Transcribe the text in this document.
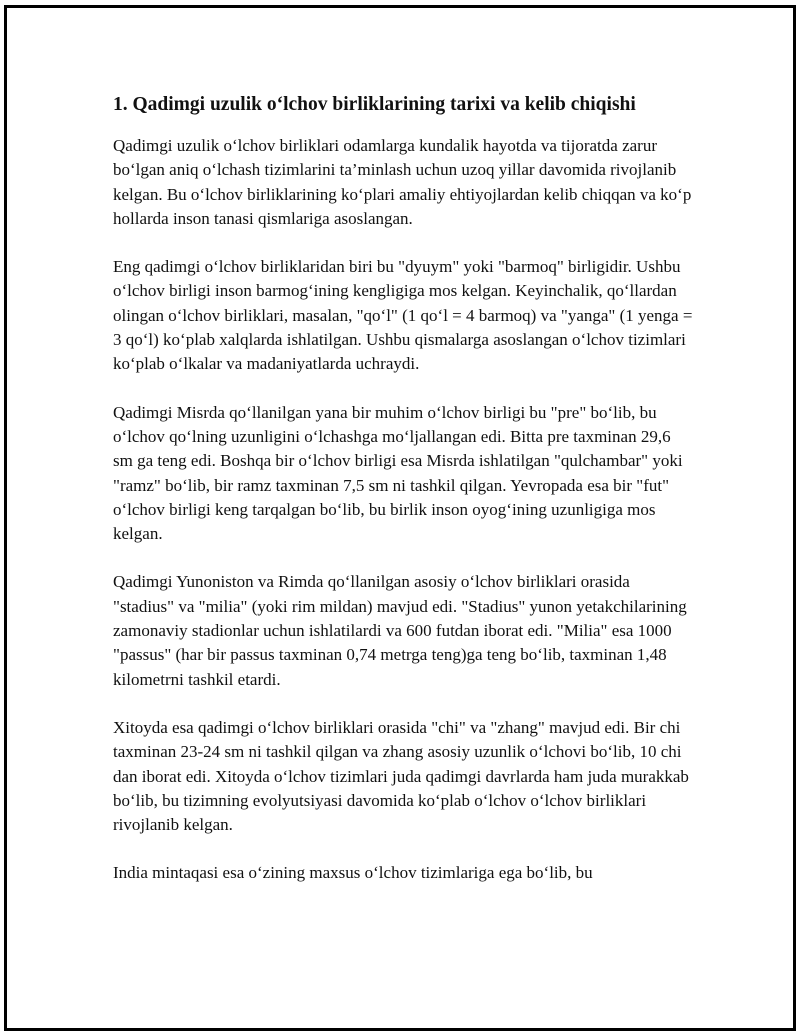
1. Qadimgi uzulik o‘lchov birliklarining tarixi va kelib chiqishi

Qadimgi uzulik o‘lchov birliklari odamlarga kundalik hayotda va tijoratda zarur bo‘lgan aniq o‘lchash tizimlarini ta’minlash uchun uzoq yillar davomida rivojlanib kelgan. Bu o‘lchov birliklarining ko‘plari amaliy ehtiyojlardan kelib chiqqan va ko‘p hollarda inson tanasi qismlariga asoslangan.

Eng qadimgi o‘lchov birliklaridan biri bu "dyuym" yoki "barmoq" birligidir. Ushbu o‘lchov birligi inson barmog‘ining kengligiga mos kelgan. Keyinchalik, qo‘llardan olingan o‘lchov birliklari, masalan, "qo‘l" (1 qo‘l = 4 barmoq) va "yanga" (1 yenga = 3 qo‘l) ko‘plab xalqlarda ishlatilgan. Ushbu qismalarga asoslangan o‘lchov tizimlari ko‘plab o‘lkalar va madaniyatlarda uchraydi.

Qadimgi Misrda qo‘llanilgan yana bir muhim o‘lchov birligi bu "pre" bo‘lib, bu o‘lchov qo‘lning uzunligini o‘lchashga mo‘ljallangan edi. Bitta pre taxminan 29,6 sm ga teng edi. Boshqa bir o‘lchov birligi esa Misrda ishlatilgan "qulchambar" yoki "ramz" bo‘lib, bir ramz taxminan 7,5 sm ni tashkil qilgan. Yevropada esa bir "fut" o‘lchov birligi keng tarqalgan bo‘lib, bu birlik inson oyog‘ining uzunligiga mos kelgan.

Qadimgi Yunoniston va Rimda qo‘llanilgan asosiy o‘lchov birliklari orasida "stadius" va "milia" (yoki rim mildan) mavjud edi. "Stadius" yunon yetakchilarining zamonaviy stadionlar uchun ishlatilardi va 600 futdan iborat edi. "Milia" esa 1000 "passus" (har bir passus taxminan 0,74 metrga teng)ga teng bo‘lib, taxminan 1,48 kilometrni tashkil etardi.

Xitoyda esa qadimgi o‘lchov birliklari orasida "chi" va "zhang" mavjud edi. Bir chi taxminan 23-24 sm ni tashkil qilgan va zhang asosiy uzunlik o‘lchovi bo‘lib, 10 chi dan iborat edi. Xitoyda o‘lchov tizimlari juda qadimgi davrlarda ham juda murakkab bo‘lib, bu tizimning evolyutsiyasi davomida ko‘plab o‘lchov o‘lchov birliklari rivojlanib kelgan.

India mintaqasi esa o‘zining maxsus o‘lchov tizimlariga ega bo‘lib, bu
